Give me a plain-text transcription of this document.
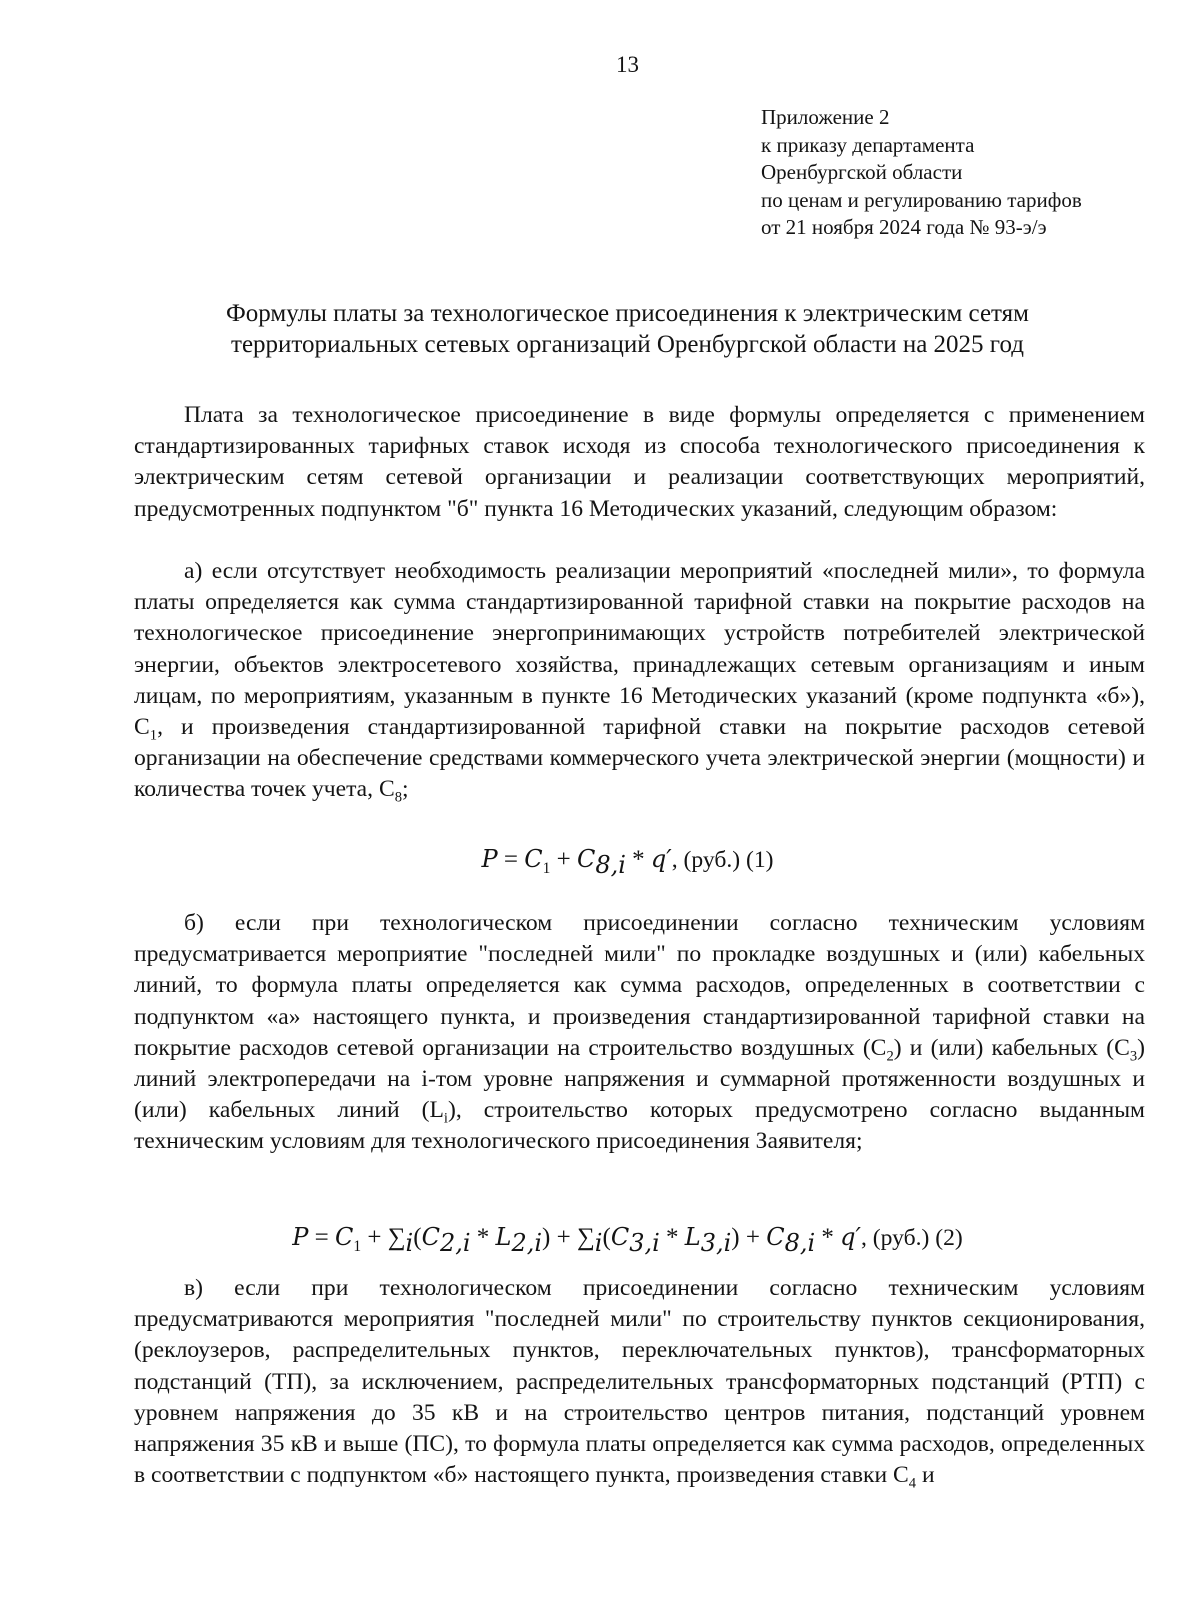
13
Приложение 2
к приказу департамента
Оренбургской области
по ценам и регулированию тарифов
от 21 ноября 2024 года № 93-э/э
Формулы платы за технологическое присоединения к электрическим сетям
территориальных сетевых организаций Оренбургской области на 2025 год

Плата за технологическое присоединение в виде формулы определяется с применением стандартизированных тарифных ставок исходя из способа технологического присоединения к электрическим сетям сетевой организации и реализации соответствующих мероприятий, предусмотренных подпунктом "б" пункта 16 Методических указаний, следующим образом:

а) если отсутствует необходимость реализации мероприятий «последней мили», то формула платы определяется как сумма стандартизированной тарифной ставки на покрытие расходов на технологическое присоединение энергопринимающих устройств потребителей электрической энергии, объектов электросетевого хозяйства, принадлежащих сетевым организациям и иным лицам, по мероприятиям, указанным в пункте 16 Методических указаний (кроме подпункта «б»), $С_1$, и произведения стандартизированной тарифной ставки на покрытие расходов сетевой организации на обеспечение средствами коммерческого учета электрической энергии (мощности) и количества точек учета, $С_8$;

$P = C_1 + C_{8,i} * q'$, (руб.) (1)

б) если при технологическом присоединении согласно техническим условиям предусматривается мероприятие "последней мили" по прокладке воздушных и (или) кабельных линий, то формула платы определяется как сумма расходов, определенных в соответствии с подпунктом «а» настоящего пункта, и произведения стандартизированной тарифной ставки на покрытие расходов сетевой организации на строительство воздушных $(С_2)$ и (или) кабельных $(С_3)$ линий электропередачи на i-том уровне напряжения и суммарной протяженности воздушных и (или) кабельных линий $(L_i)$, строительство которых предусмотрено согласно выданным техническим условиям для технологического присоединения Заявителя;

$P = C_1 + \sum_i(C_{2,i} * L_{2,i}) + \sum_i(C_{3,i} * L_{3,i}) + C_{8,i} * q'$, (руб.) (2)

в) если при технологическом присоединении согласно техническим условиям предусматриваются мероприятия "последней мили" по строительству пунктов секционирования, (реклоузеров, распределительных пунктов, переключательных пунктов), трансформаторных подстанций (ТП), за исключением, распределительных трансформаторных подстанций (РТП) с уровнем напряжения до 35 кВ и на строительство центров питания, подстанций уровнем напряжения 35 кВ и выше (ПС), то формула платы определяется как сумма расходов, определенных в соответствии с подпунктом «б» настоящего пункта, произведения ставки $С_4$ и
